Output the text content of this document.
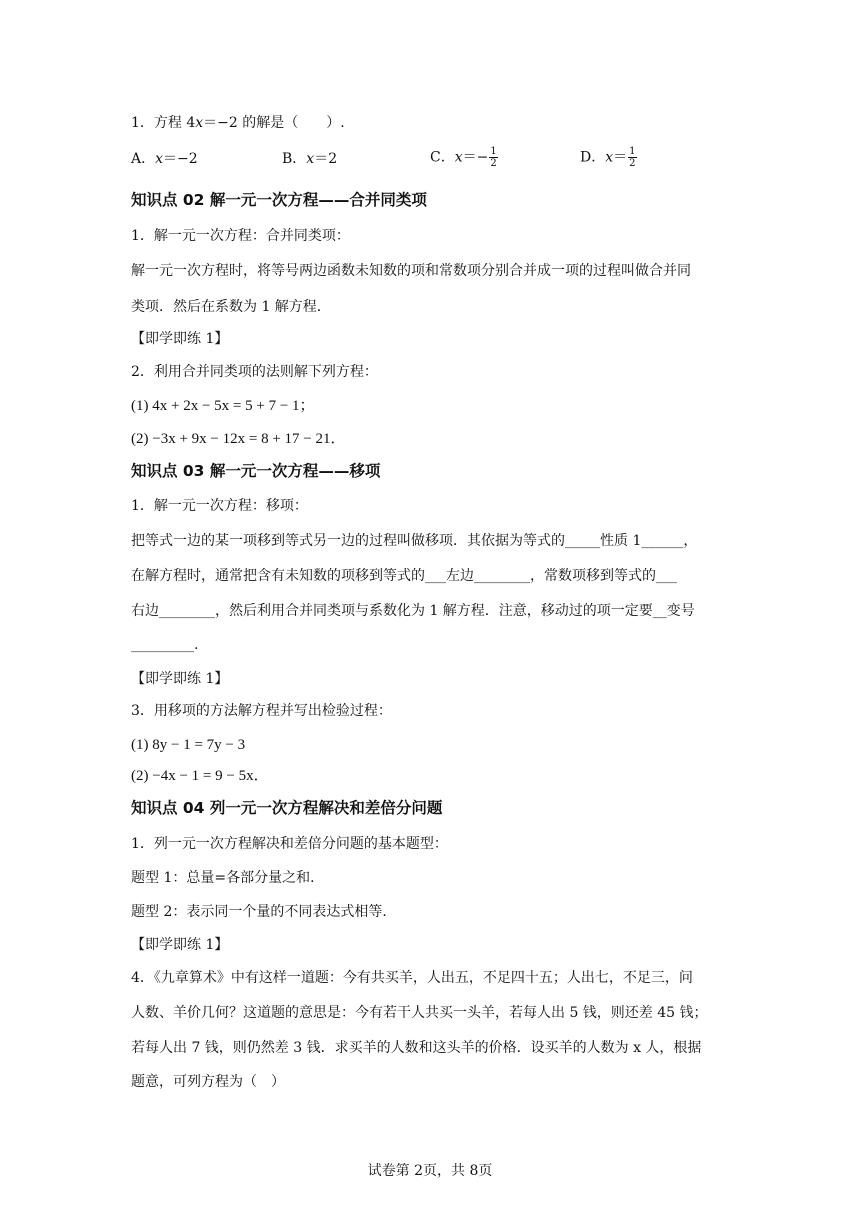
1．方程 4x＝−2 的解是（　　）.
A．x＝−2	B．x＝2	C．$x=- \frac{1}{2}$	D．$x= \frac{1}{2}$
知识点 02 解一元一次方程——合并同类项
1．解一元一次方程：合并同类项：
解一元一次方程时，将等号两边函数未知数的项和常数项分别合并成一项的过程叫做合并同
类项．然后在系数为 1 解方程．
【即学即练 1】
2．利用合并同类项的法则解下列方程：
(1) 4x + 2x − 5x = 5 + 7 − 1；
(2) −3x + 9x − 12x = 8 + 17 − 21．
知识点 03 解一元一次方程——移项
1．解一元一次方程：移项：
把等式一边的某一项移到等式另一边的过程叫做移项．其依据为等式的_____性质 1______，
在解方程时，通常把含有未知数的项移到等式的___左边________，常数项移到等式的___
右边________，然后利用合并同类项与系数化为 1 解方程．注意，移动过的项一定要__变号
_________.
【即学即练 1】
3．用移项的方法解方程并写出检验过程：
(1) 8y − 1 = 7y − 3
(2) −4x − 1 = 9 − 5x．
知识点 04 列一元一次方程解决和差倍分问题
1．列一元一次方程解决和差倍分问题的基本题型：
题型 1：总量=各部分量之和．
题型 2：表示同一个量的不同表达式相等．
【即学即练 1】
4．《九章算术》中有这样一道题：今有共买羊，人出五，不足四十五；人出七，不足三，问
人数、羊价几何？这道题的意思是：今有若干人共买一头羊，若每人出 5 钱，则还差 45 钱；
若每人出 7 钱，则仍然差 3 钱．求买羊的人数和这头羊的价格．设买羊的人数为 x 人，根据
题意，可列方程为（　）
试卷第 2页，共 8页
